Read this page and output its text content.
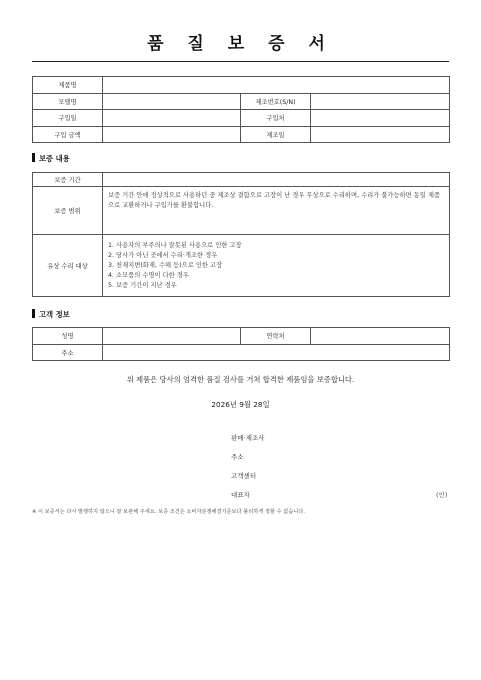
품 질 보 증 서
제품명			
모델명		제조번호(S/N)	
구입일		구입처	
구입 금액		제조일	
보증 내용
보증 기간	
보증 범위	보증 기간 안에 정상적으로 사용하던 중 제조상 결함으로 고장이 난 경우 무상으로 수리하며, 수리가 불가능하면 동일 제품으로 교환하거나 구입가를 환불합니다.
유상 수리 대상	1. 사용자의 부주의나 잘못된 사용으로 인한 고장
2. 당사가 아닌 곳에서 수리·개조한 경우
3. 천재지변(화재, 수해 등)으로 인한 고장
4. 소모품의 수명이 다한 경우
5. 보증 기간이 지난 경우
고객 정보
성명		연락처	
주소			
위 제품은 당사의 엄격한 품질 검사를 거쳐 합격한 제품임을 보증합니다.
2026년 9월 28일
판매·제조사
주소
고객센터
대표자	(인)
※ 이 보증서는 다시 발행하지 않으니 잘 보관해 주세요. 보증 조건은 소비자분쟁해결기준보다 불리하게 정할 수 없습니다.
